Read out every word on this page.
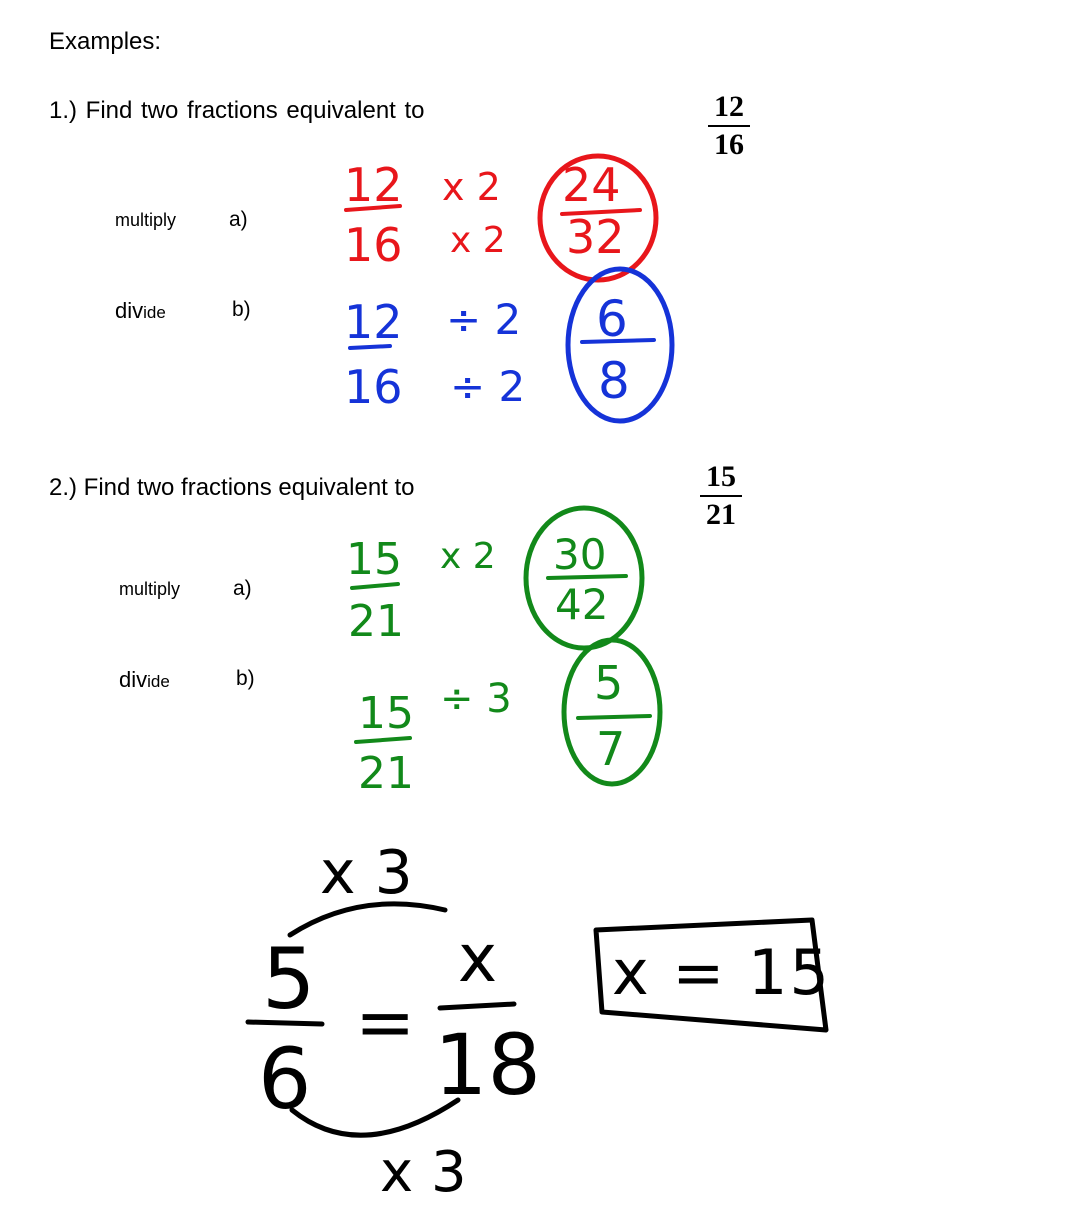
Examples:
1.) Find two fractions equivalent to	12
16
multiply	a)
divide	b)
2.) Find two fractions equivalent to	15
21
multiply	a)
divide	b)
12 x 2
16 x 2
24
32
12 ÷ 2
16 ÷ 2
6
8
15 x 2
21
30
42
15 ÷ 3
21
5
7
x 3
5
6
=
x
18
x 3
x = 15
